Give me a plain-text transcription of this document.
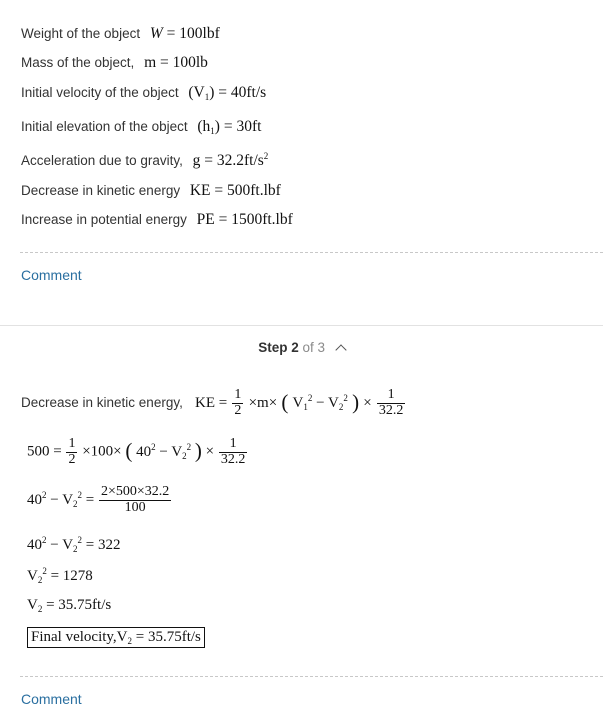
Weight of the object W = 100lbf
Mass of the object, m = 100lb
Initial velocity of the object $(V_1) = 40ft/s$
Initial elevation of the object $(h_1) = 30ft$
Acceleration due to gravity, $g = 32.2ft/s^2$
Decrease in kinetic energy KE = 500ft.lbf
Increase in potential energy PE = 1500ft.lbf
Comment
Step 2 of 3
Decrease in kinetic energy, KE = $\frac{1}{2} \times m\times$ ( $V_1^2 - V_2^2$ ) × $\frac{1}{32.2}$
$500 = \frac{1}{2} \times 100\times$ ( $40^2 - V_2^2$ ) × $\frac{1}{32.2}$
$40^2 - V_2^2 = \frac{2\times 500\times 32.2}{100}$
$40^2 - V_2^2 = 322$
$V_2^2 = 1278$
$V_2 = 35.75ft/s$
Final $velocity,V_2 = 35.75ft/s$
Comment
